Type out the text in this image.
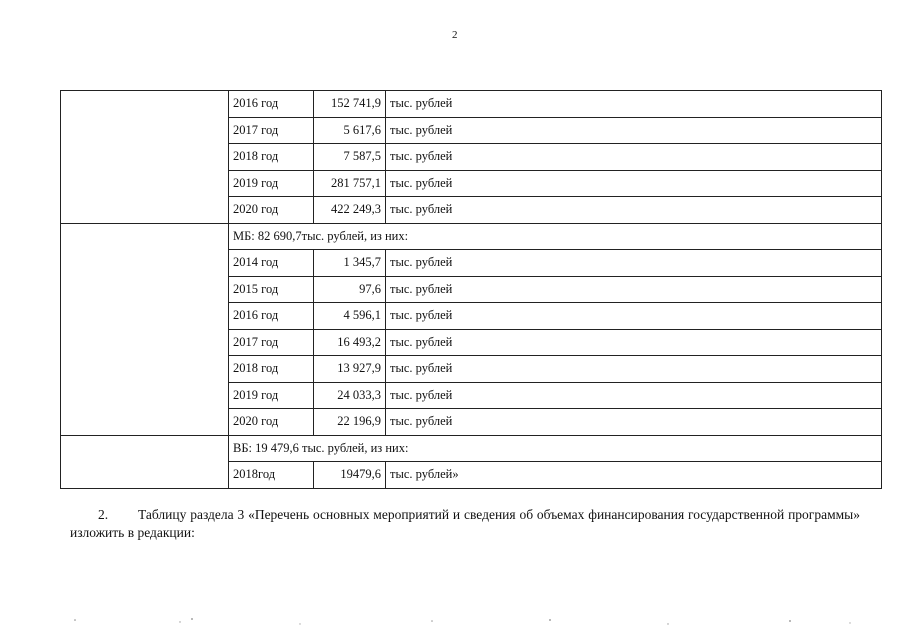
2
	2016 год	152 741,9	тыс. рублей
	2017 год	5 617,6	тыс. рублей
	2018 год	7 587,5	тыс. рублей
	2019 год	281 757,1	тыс. рублей
	2020 год	422 249,3	тыс. рублей
	МБ: 82 690,7тыс. рублей, из них:		
	2014 год	1 345,7	тыс. рублей
	2015 год	97,6	тыс. рублей
	2016 год	4 596,1	тыс. рублей
	2017 год	16 493,2	тыс. рублей
	2018 год	13 927,9	тыс. рублей
	2019 год	24 033,3	тыс. рублей
	2020 год	22 196,9	тыс. рублей
	ВБ: 19 479,6 тыс. рублей, из них:		
	2018год	19479,6	тыс. рублей»
2. Таблицу раздела 3 «Перечень основных мероприятий и сведения об объемах финансирования государственной программы» изложить в редакции:
